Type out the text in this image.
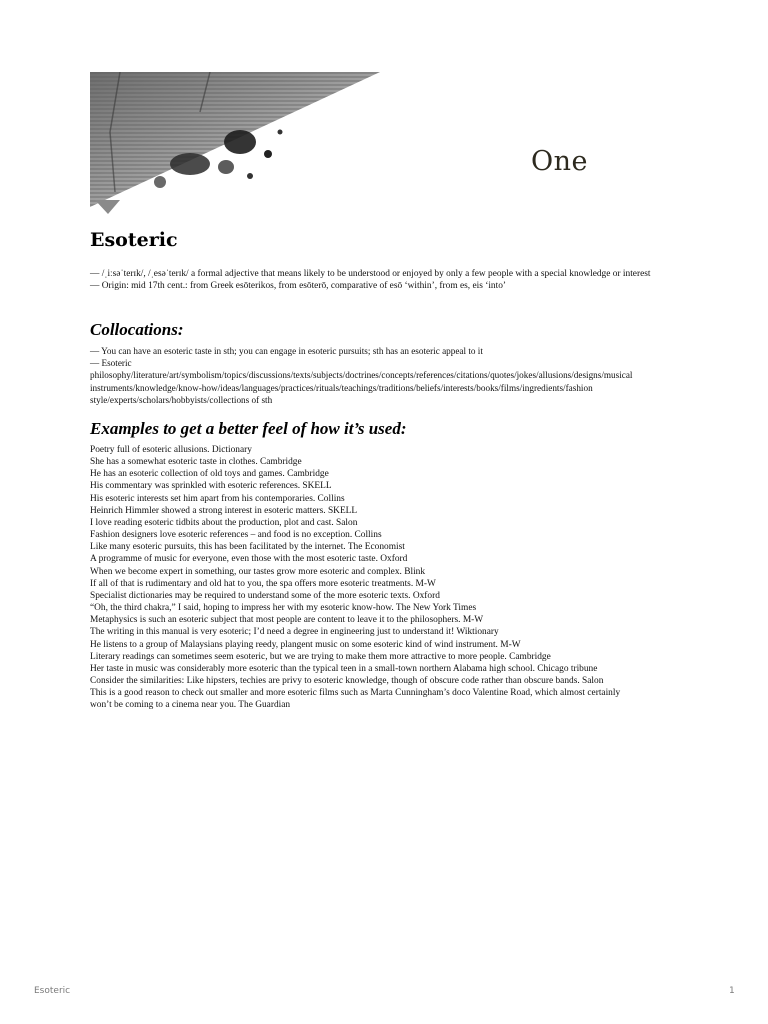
One
Esoteric
— /ˌiːsəˈterɪk/, /ˌesəˈterɪk/ a formal adjective that means likely to be understood or enjoyed by only a few people with a special knowledge or interest
— Origin: mid 17th cent.: from Greek esōterikos, from esōterō, comparative of esō ‘within’, from es, eis ‘into’
Collocations:
— You can have an esoteric taste in sth; you can engage in esoteric pursuits; sth has an esoteric appeal to it
— Esoteric
philosophy/literature/art/symbolism/topics/discussions/texts/subjects/doctrines/concepts/references/citations/quotes/jokes/allusions/designs/musical
instruments/knowledge/know-how/ideas/languages/practices/rituals/teachings/traditions/beliefs/interests/books/films/ingredients/fashion
style/experts/scholars/hobbyists/collections of sth
Examples to get a better feel of how it’s used:
Poetry full of esoteric allusions. Dictionary
She has a somewhat esoteric taste in clothes. Cambridge
He has an esoteric collection of old toys and games. Cambridge
His commentary was sprinkled with esoteric references. SKELL
His esoteric interests set him apart from his contemporaries. Collins
Heinrich Himmler showed a strong interest in esoteric matters. SKELL
I love reading esoteric tidbits about the production, plot and cast. Salon
Fashion designers love esoteric references – and food is no exception. Collins
Like many esoteric pursuits, this has been facilitated by the internet. The Economist
A programme of music for everyone, even those with the most esoteric taste. Oxford
When we become expert in something, our tastes grow more esoteric and complex. Blink
If all of that is rudimentary and old hat to you, the spa offers more esoteric treatments. M-W
Specialist dictionaries may be required to understand some of the more esoteric texts. Oxford
“Oh, the third chakra,” I said, hoping to impress her with my esoteric know-how. The New York Times
Metaphysics is such an esoteric subject that most people are content to leave it to the philosophers. M-W
The writing in this manual is very esoteric; I’d need a degree in engineering just to understand it! Wiktionary
He listens to a group of Malaysians playing reedy, plangent music on some esoteric kind of wind instrument. M-W
Literary readings can sometimes seem esoteric, but we are trying to make them more attractive to more people. Cambridge
Her taste in music was considerably more esoteric than the typical teen in a small-town northern Alabama high school. Chicago tribune
Consider the similarities: Like hipsters, techies are privy to esoteric knowledge, though of obscure code rather than obscure bands. Salon
This is a good reason to check out smaller and more esoteric films such as Marta Cunningham’s doco Valentine Road, which almost certainly
won’t be coming to a cinema near you. The Guardian
Esoteric	1
